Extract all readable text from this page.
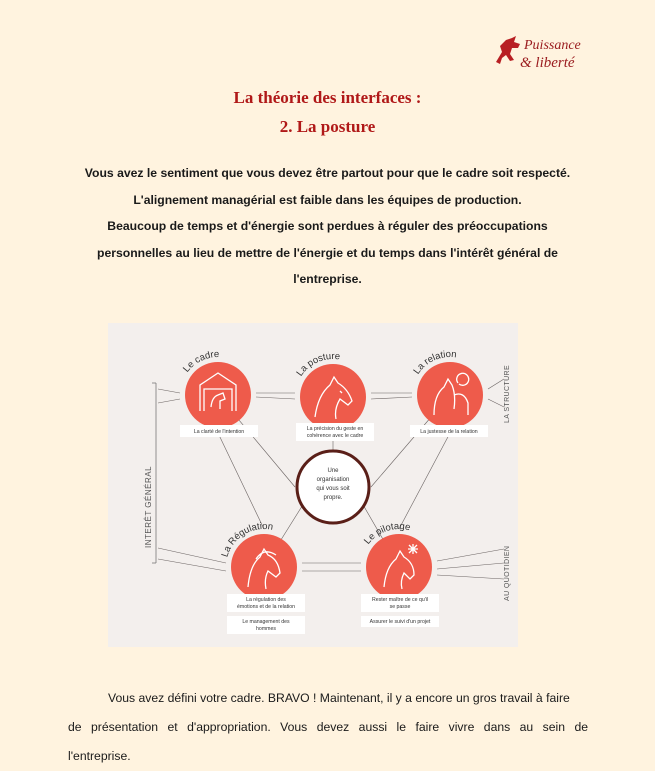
Puissance
& liberté
La théorie des interfaces :
2. La posture
Vous avez le sentiment que vous devez être partout pour que le cadre soit respecté.
L'alignement managérial est faible dans les équipes de production.
Beaucoup de temps et d'énergie sont perdues à réguler des préoccupations
personnelles au lieu de mettre de l'énergie et du temps dans l'intérêt général de
l'entreprise.
INTERÊT GÉNÉRAL
LA STRUCTURE
AU QUOTIDIEN
Une
organisation
qui vous soit
propre.
Le cadre
La clarté de l'intention
La posture
La précision du geste en
cohérence avec le cadre
La relation
La justesse de la relation
La Régulation
La régulation des
émotions et de la relation
Le management des
hommes
Le pilotage
Rester maître de ce qu'il
se passe
Assurer le suivi d'un projet
Vous avez défini votre cadre. BRAVO ! Maintenant, il y a encore un gros travail à faire
de présentation et d'appropriation. Vous devez aussi le faire vivre dans au sein de
l'entreprise.
